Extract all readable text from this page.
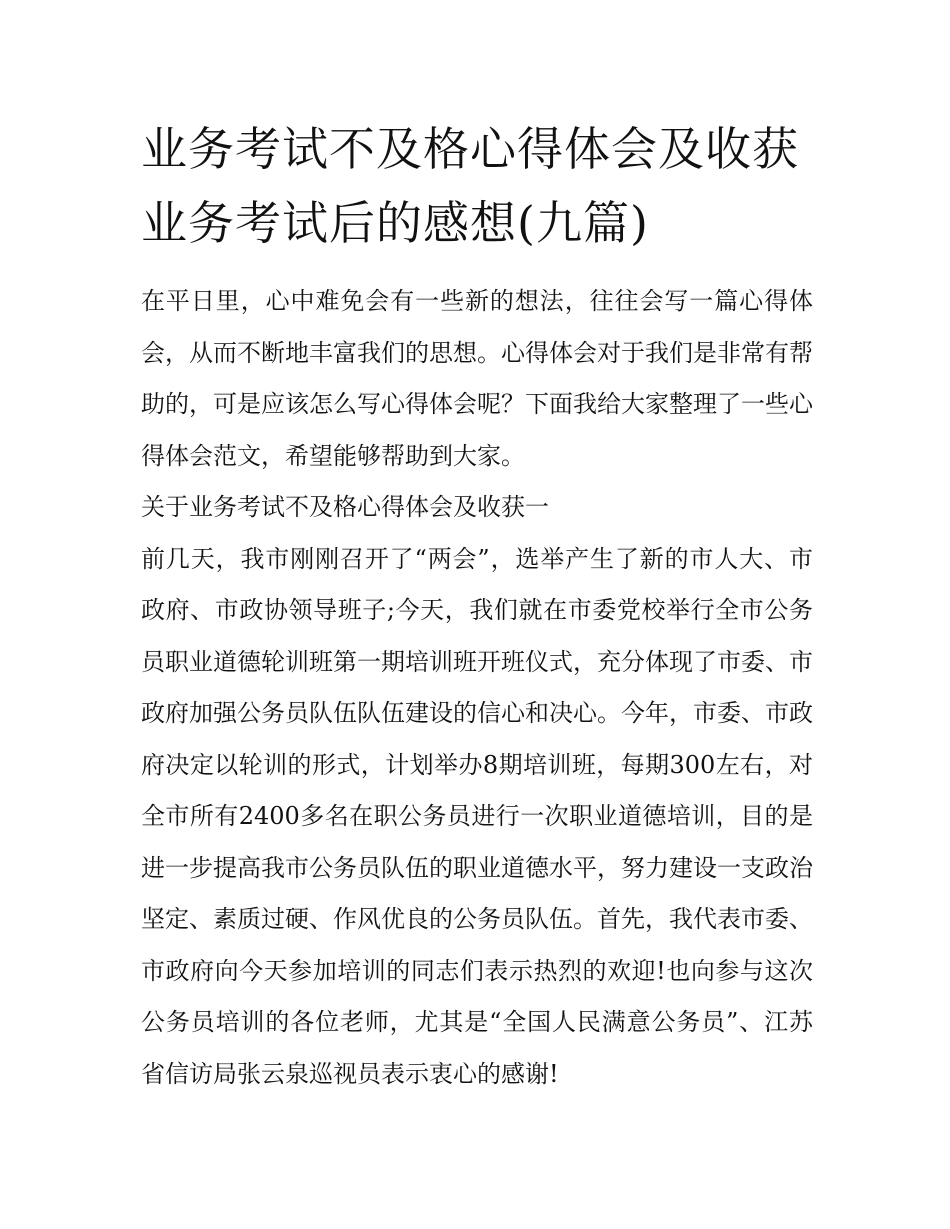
业务考试不及格心得体会及收获 业务考试后的感想(九篇)

在平日里，心中难免会有一些新的想法，往往会写一篇心得体会，从而不断地丰富我们的思想。心得体会对于我们是非常有帮助的，可是应该怎么写心得体会呢？下面我给大家整理了一些心得体会范文，希望能够帮助到大家。

关于业务考试不及格心得体会及收获一

前几天，我市刚刚召开了“两会”，选举产生了新的市人大、市政府、市政协领导班子;今天，我们就在市委党校举行全市公务员职业道德轮训班第一期培训班开班仪式，充分体现了市委、市政府加强公务员队伍队伍建设的信心和决心。今年，市委、市政府决定以轮训的形式，计划举办8期培训班，每期300左右，对全市所有2400多名在职公务员进行一次职业道德培训，目的是进一步提高我市公务员队伍的职业道德水平，努力建设一支政治坚定、素质过硬、作风优良的公务员队伍。首先，我代表市委、市政府向今天参加培训的同志们表示热烈的欢迎!也向参与这次公务员培训的各位老师，尤其是“全国人民满意公务员”、江苏省信访局张云泉巡视员表示衷心的感谢!
